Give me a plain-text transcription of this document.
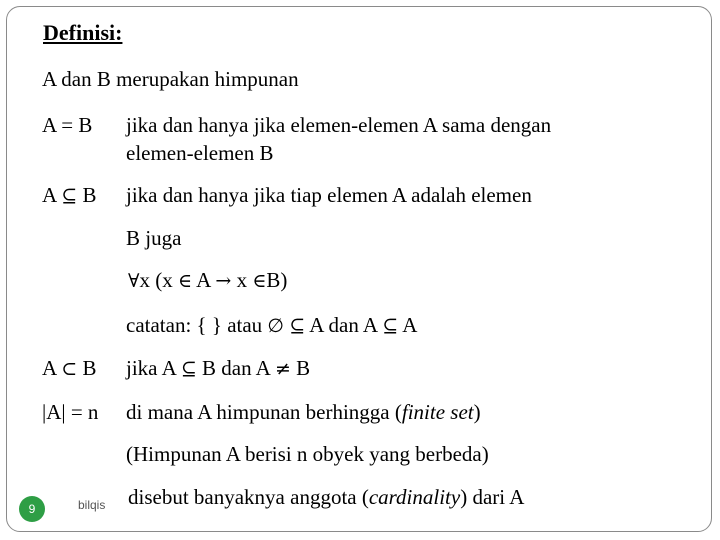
Definisi:
A dan B merupakan himpunan
A = B jika dan hanya jika elemen-elemen A sama dengan
elemen-elemen B
A ⊆ B jika dan hanya jika tiap elemen A adalah elemen
B juga
∀x (x ∈ A → x ∈B)
catatan: { } atau ∅ ⊆ A dan A ⊆ A
A ⊂ B jika A ⊆ B dan A ≠ B
|A| = n di mana A himpunan berhingga (finite set)
(Himpunan A berisi n obyek yang berbeda)
disebut banyaknya anggota (cardinality) dari A
9	bilqis
